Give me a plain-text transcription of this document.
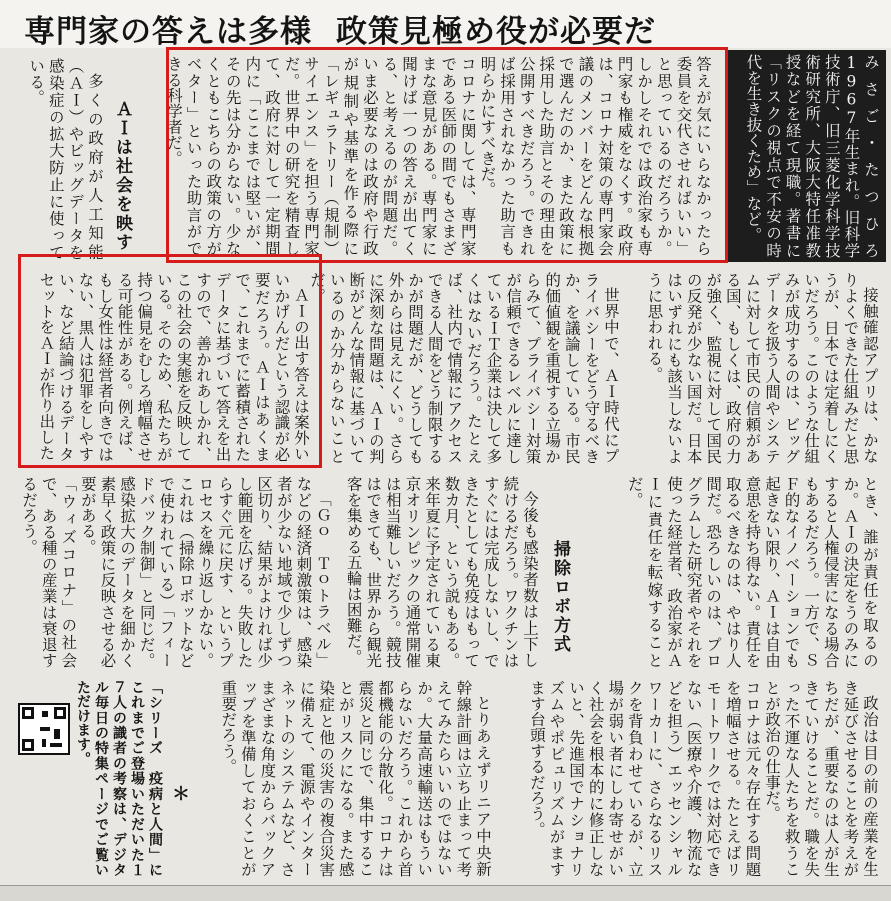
専門家の答えは多様 政策見極め役が必要だ

みさご・たつひろ　1967年生まれ。旧科学技術庁、旧三菱化学科学技術研究所、大阪大特任准教授などを経て現職。著書に「リスクの視点で不安の時代を生き抜くため」など。

答えが気にいらなかったら委員を交代させればいい」と思っているのだろうか。しかしそれでは政治家も専門家も権威をなくす。政府は、コロナ対策の専門家会議のメンバーをどんな根拠で選んだのか、また政策に採用した助言とその理由を公開すべきだろう。できれば採用されなかった助言も明らかにすべきだ。
コロナに関しては、専門家である医師の間でもさまざまな意見がある。専門家に聞けば一つの答えが出てくる、と考えるのが問題だ。いま必要なのは政府や行政が規制や基準を作る際に「レギュラトリー（規制）サイエンス」を担う専門家だ。世界中の研究を精査して、政府に対して一定期間内に「ここまでは堅いが、その先は分からない。少なくともこちらの政策の方がベター」といった助言ができる科学者だ。

ＡＩは社会を映す

多くの政府が人工知能（ＡＩ）やビッグデータを感染症の拡大防止に使っている。

接触確認アプリは、かなりよくできた仕組みだと思うが、日本では定着しにくいだろう。このような仕組みが成功するのは、ビッグデータを扱う人間やシステムに対して市民の信頼がある国、もしくは、政府の力が強く、監視に対して国民の反発が少ない国だ。日本はいずれにも該当しないように思われる。

世界中で、ＡＩ時代にプライバシーをどう守るべきか、を議論している。市民的価値観を重視する立場からみて、プライバシー対策が信頼できるレベルに達しているＩＴ企業は決して多くはないだろう。たとえば、社内で情報にアクセスできる人間をどう制限するかが問題だが、どうしても外からは見えにくい。さらに深刻な問題は、ＡＩの判断がどんな情報に基づいているのか分からないことだ。

ＡＩの出す答えは案外いいかげんだという認識が必要だろう。ＡＩはあくまで、これまでに蓄積されたデータに基づいて答えを出すので、善かれあしかれ、この社会の実態を反映している。そのため、私たちが持つ偏見をむしろ増幅させる可能性がある。例えば、もし女性は経営者向きではない、黒人は犯罪をしやすい、など結論づけるデータセットをＡＩが作り出した

とき、誰が責任を取るのか。ＡＩの決定をうのみにすると人権侵害になる場合もあるだろう。一方で、ＳＦ的なイノベーションでも起きない限り、ＡＩは自由意思を持ち得ない。責任を取るべきなのは、やはり人間だ。恐ろしいのは、プログラムした研究者やそれを使った経営者、政治家がＡＩに責任を転嫁することだ。

掃除ロボ方式

今後も感染者数は上下し続けるだろう。ワクチンはすぐには完成しないし、できたとしても免疫はもって数カ月、という説もある。来年夏に予定されている東京オリンピックの通常開催は相当難しいだろう。競技はできても、世界から観光客を集める五輪は困難だ。

「Ｇｏ　Ｔｏトラベル」などの経済刺激策は、感染者が少ない地域で少しずつ区切り、結果がよければ少し範囲を広げる。失敗したらすぐ元に戻す、というプロセスを繰り返しかない。これは（掃除ロボットなどで使われている）「フィードバック制御」と同じだ。感染拡大のデータを細かく素早く政策に反映させる必要がある。
「ウィズコロナ」の社会で、ある種の産業は衰退するだろう。

政治は目の前の産業を生き延びさせることを考えがちだが、重要なのは人が生きていけることだ。職を失った不運な人たちを救うことが政治の仕事だ。
コロナは元々存在する問題を増幅させる。たとえばリモートワークでは対応できない（医療や介護、物流などを担う）エッセンシャルワーカーに、さらなるリスクを背負わせているが、立場が弱い者にしわ寄せがいく社会を根本的に修正しないと、先進国でナショナリズムやポピュリズムがますます台頭するだろう。

とりあえずリニア中央新幹線計画は立ち止まって考えてみたらいいのではないか。大量高速輸送はもういらないだろう。これから首都機能の分散化。コロナは震災と同じで、集中することがリスクになる。また感染症と他の災害の複合災害に備えて、電源やインターネットのシステムなど、さまざまな角度からバックアップを準備しておくことが重要だろう。

＊

「シリーズ　疫病と人間」にこれまでご登場いただいた１７人の識者の考察は、デジタル毎日の特集ページでご覧いただけます。
